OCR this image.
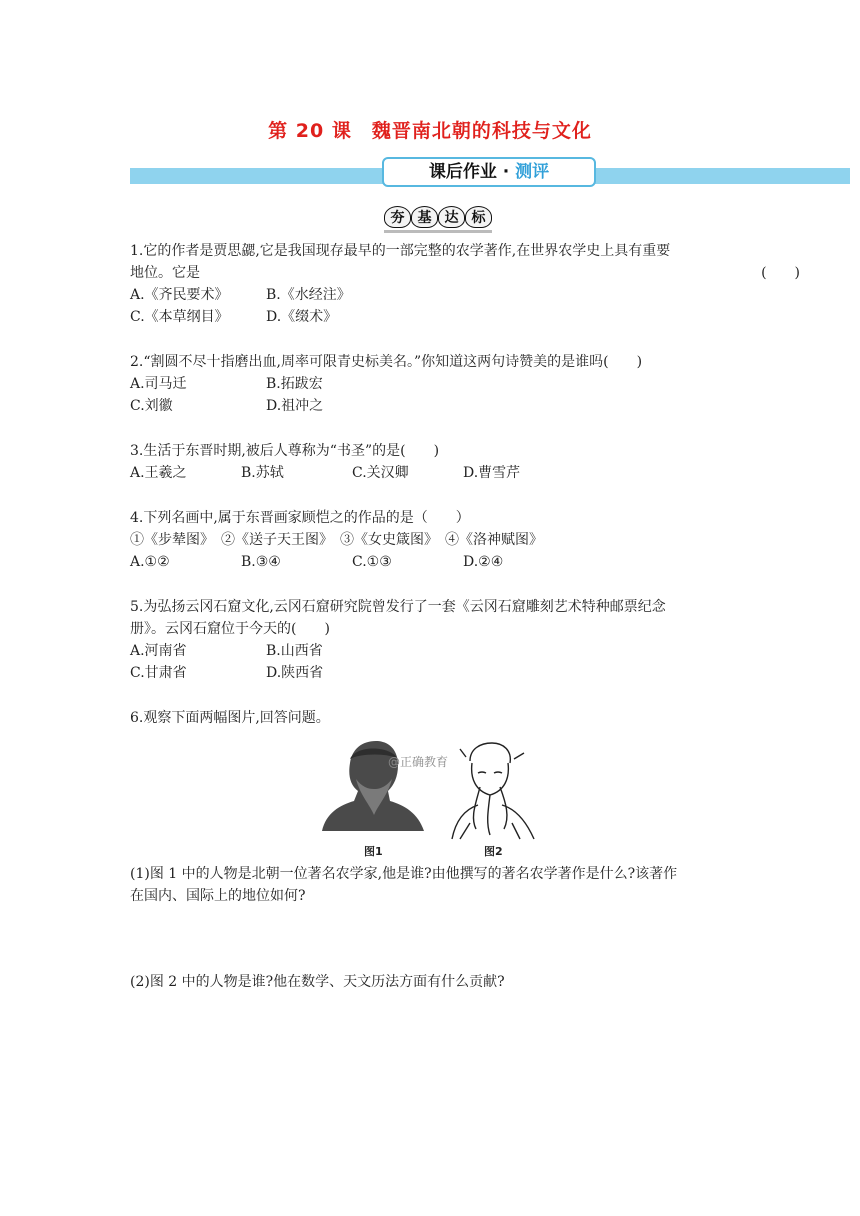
第 20 课　魏晋南北朝的科技与文化
课后作业 · 测评
夯 基 达 标
1.它的作者是贾思勰,它是我国现存最早的一部完整的农学著作,在世界农学史上具有重要
地位。它是	(　　)
A.《齐民要术》	B.《水经注》
C.《本草纲目》	D.《缀术》
2.“割圆不尽十指磨出血,周率可限青史标美名。”你知道这两句诗赞美的是谁吗(　　)
A.司马迁	B.拓跋宏
C.刘徽	D.祖冲之
3.生活于东晋时期,被后人尊称为“书圣”的是(　　)
A.王羲之	B.苏轼	C.关汉卿	D.曹雪芹
4.下列名画中,属于东晋画家顾恺之的作品的是（　　）
①《步辇图》　②《送子天王图》　③《女史箴图》　④《洛神赋图》
A.①②	B.③④	C.①③	D.②④
5.为弘扬云冈石窟文化,云冈石窟研究院曾发行了一套《云冈石窟雕刻艺术特种邮票纪念
册》。云冈石窟位于今天的(　　)
A.河南省	B.山西省
C.甘肃省	D.陕西省
6.观察下面两幅图片,回答问题。
@正确教育
图1	图2
(1)图 1 中的人物是北朝一位著名农学家,他是谁?由他撰写的著名农学著作是什么?该著作
在国内、国际上的地位如何?
(2)图 2 中的人物是谁?他在数学、天文历法方面有什么贡献?
